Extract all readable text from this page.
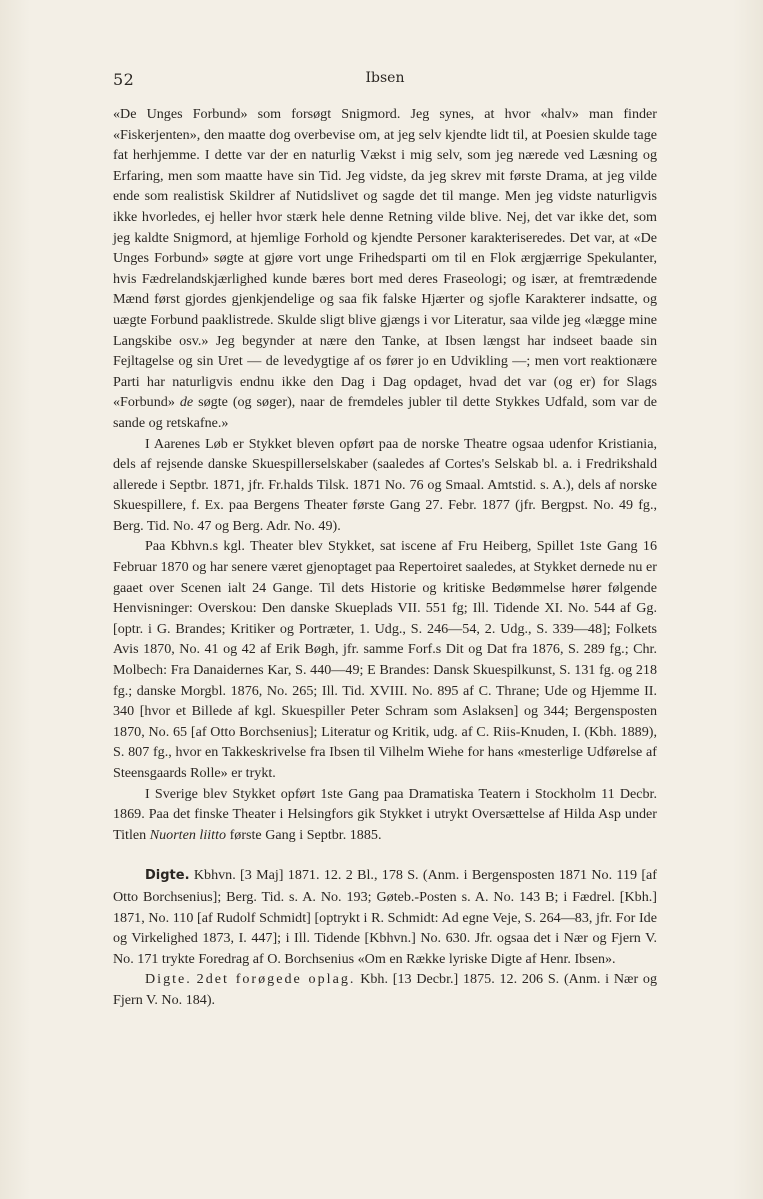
52	Ibsen

«De Unges Forbund» som forsøgt Snigmord. Jeg synes, at hvor «halv» man finder «Fiskerjenten», den maatte dog overbevise om, at jeg selv kjendte lidt til, at Poesien skulde tage fat herhjemme. I dette var der en naturlig Vækst i mig selv, som jeg nærede ved Læsning og Erfaring, men som maatte have sin Tid. Jeg vidste, da jeg skrev mit første Drama, at jeg vilde ende som realistisk Skildrer af Nutidslivet og sagde det til mange. Men jeg vidste naturligvis ikke hvorledes, ej heller hvor stærk hele denne Retning vilde blive. Nej, det var ikke det, som jeg kaldte Snigmord, at hjemlige Forhold og kjendte Personer karakteriseredes. Det var, at «De Unges Forbund» søgte at gjøre vort unge Frihedsparti om til en Flok ærgjærrige Spekulanter, hvis Fædrelandskjærlighed kunde bæres bort med deres Fraseologi; og især, at fremtrædende Mænd først gjordes gjenkjendelige og saa fik falske Hjærter og sjofle Karakterer indsatte, og uægte Forbund paaklistrede. Skulde sligt blive gjængs i vor Literatur, saa vilde jeg «lægge mine Langskibe osv.» Jeg begynder at nære den Tanke, at Ibsen længst har indseet baade sin Fejltagelse og sin Uret — de levedygtige af os fører jo en Udvikling —; men vort reaktionære Parti har naturligvis endnu ikke den Dag i Dag opdaget, hvad det var (og er) for Slags «Forbund» de søgte (og søger), naar de fremdeles jubler til dette Stykkes Udfald, som var de sande og retskafne.»

I Aarenes Løb er Stykket bleven opført paa de norske Theatre ogsaa udenfor Kristiania, dels af rejsende danske Skuespillerselskaber (saaledes af Cortes's Selskab bl. a. i Fredrikshald allerede i Septbr. 1871, jfr. Fr.halds Tilsk. 1871 No. 76 og Smaal. Amtstid. s. A.), dels af norske Skuespillere, f. Ex. paa Bergens Theater første Gang 27. Febr. 1877 (jfr. Bergpst. No. 49 fg., Berg. Tid. No. 47 og Berg. Adr. No. 49).

Paa Kbhvn.s kgl. Theater blev Stykket, sat iscene af Fru Heiberg, Spillet 1ste Gang 16 Februar 1870 og har senere været gjenoptaget paa Repertoiret saaledes, at Stykket dernede nu er gaaet over Scenen ialt 24 Gange. Til dets Historie og kritiske Bedømmelse hører følgende Henvisninger: Overskou: Den danske Skueplads VII. 551 fg; Ill. Tidende XI. No. 544 af Gg. [optr. i G. Brandes; Kritiker og Portræter, 1. Udg., S. 246—54, 2. Udg., S. 339—48]; Folkets Avis 1870, No. 41 og 42 af Erik Bøgh, jfr. samme Forf.s Dit og Dat fra 1876, S. 289 fg.; Chr. Molbech: Fra Danaidernes Kar, S. 440—49; E Brandes: Dansk Skuespilkunst, S. 131 fg. og 218 fg.; danske Morgbl. 1876, No. 265; Ill. Tid. XVIII. No. 895 af C. Thrane; Ude og Hjemme II. 340 [hvor et Billede af kgl. Skuespiller Peter Schram som Aslaksen] og 344; Bergensposten 1870, No. 65 [af Otto Borchsenius]; Literatur og Kritik, udg. af C. Riis-Knuden, I. (Kbh. 1889), S. 807 fg., hvor en Takkeskrivelse fra Ibsen til Vilhelm Wiehe for hans «mesterlige Udførelse af Steensgaards Rolle» er trykt.

I Sverige blev Stykket opført 1ste Gang paa Dramatiska Teatern i Stockholm 11 Decbr. 1869. Paa det finske Theater i Helsingfors gik Stykket i utrykt Oversættelse af Hilda Asp under Titlen Nuorten liitto første Gang i Septbr. 1885.

Digte. Kbhvn. [3 Maj] 1871. 12. 2 Bl., 178 S. (Anm. i Bergensposten 1871 No. 119 [af Otto Borchsenius]; Berg. Tid. s. A. No. 193; Gøteb.-Posten s. A. No. 143 B; i Fædrel. [Kbh.] 1871, No. 110 [af Rudolf Schmidt] [optrykt i R. Schmidt: Ad egne Veje, S. 264—83, jfr. For Ide og Virkelighed 1873, I. 447]; i Ill. Tidende [Kbhvn.] No. 630. Jfr. ogsaa det i Nær og Fjern V. No. 171 trykte Foredrag af O. Borchsenius «Om en Række lyriske Digte af Henr. Ibsen».

Digte. 2det forøgede oplag. Kbh. [13 Decbr.] 1875. 12. 206 S. (Anm. i Nær og Fjern V. No. 184).
